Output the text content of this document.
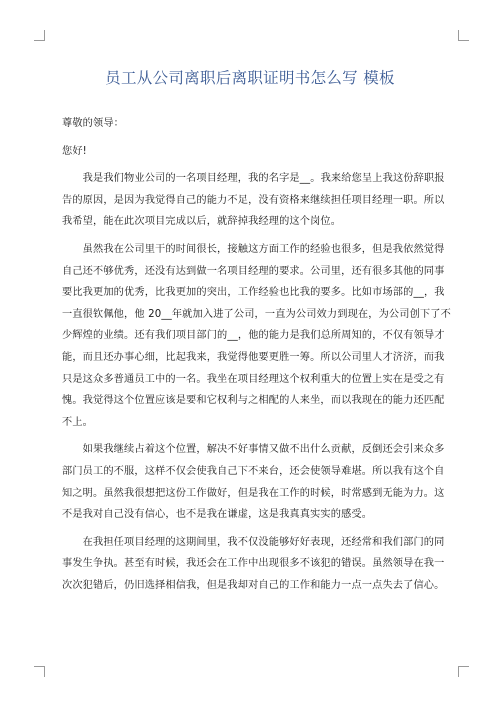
员工从公司离职后离职证明书怎么写 模板

尊敬的领导：

您好!

　　我是我们物业公司的一名项目经理，我的名字是__。我来给您呈上我这份辞职报

告的原因，是因为我觉得自己的能力不足，没有资格来继续担任项目经理一职。所以

我希望，能在此次项目完成以后，就辞掉我经理的这个岗位。

　　虽然我在公司里干的时间很长，接触这方面工作的经验也很多，但是我依然觉得

自己还不够优秀，还没有达到做一名项目经理的要求。公司里，还有很多其他的同事

要比我更加的优秀，比我更加的突出，工作经验也比我的要多。比如市场部的__，我

一直很钦佩他，他 20__年就加入进了公司，一直为公司效力到现在，为公司创下了不

少辉煌的业绩。还有我们项目部门的__，他的能力是我们总所周知的，不仅有领导才

能，而且还办事心细，比起我来，我觉得他要更胜一筹。所以公司里人才济济，而我

只是这众多普通员工中的一名。我坐在项目经理这个权利重大的位置上实在是受之有

愧。我觉得这个位置应该是要和它权利与之相配的人来坐，而以我现在的能力还匹配

不上。

　　如果我继续占着这个位置，解决不好事情又做不出什么贡献，反倒还会引来众多

部门员工的不服，这样不仅会使我自己下不来台，还会使领导难堪。所以我有这个自

知之明。虽然我很想把这份工作做好，但是我在工作的时候，时常感到无能为力。这

不是我对自己没有信心，也不是我在谦虚，这是我真真实实的感受。

　　在我担任项目经理的这期间里，我不仅没能够好好表现，还经常和我们部门的同

事发生争执。甚至有时候，我还会在工作中出现很多不该犯的错误。虽然领导在我一

次次犯错后，仍旧选择相信我，但是我却对自己的工作和能力一点一点失去了信心。
